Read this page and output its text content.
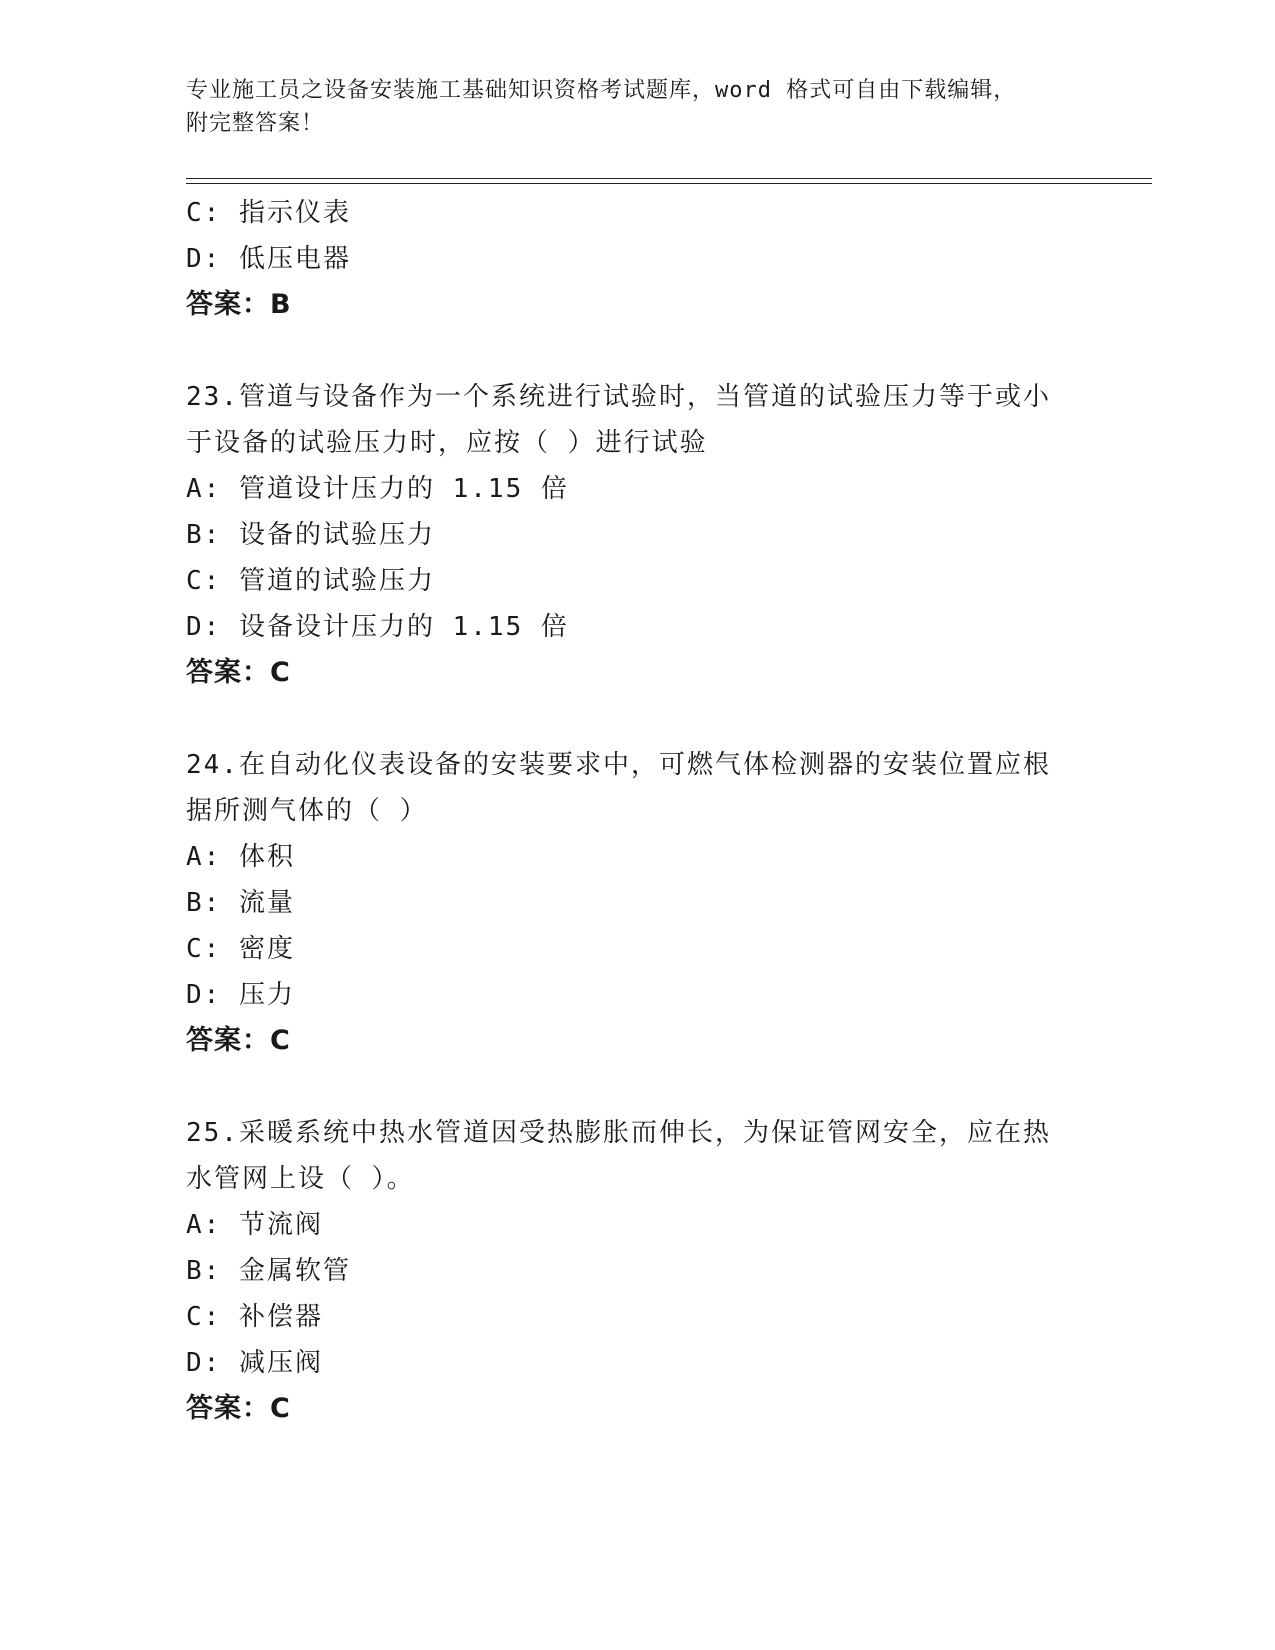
专业施工员之设备安装施工基础知识资格考试题库，word 格式可自由下载编辑，
附完整答案！
C: 指示仪表
D: 低压电器
答案：B
23.管道与设备作为一个系统进行试验时，当管道的试验压力等于或小
于设备的试验压力时，应按（ ）进行试验
A: 管道设计压力的 1.15 倍
B: 设备的试验压力
C: 管道的试验压力
D: 设备设计压力的 1.15 倍
答案：C
24.在自动化仪表设备的安装要求中，可燃气体检测器的安装位置应根
据所测气体的（ ）
A: 体积
B: 流量
C: 密度
D: 压力
答案：C
25.采暖系统中热水管道因受热膨胀而伸长，为保证管网安全，应在热
水管网上设（ ）。
A: 节流阀
B: 金属软管
C: 补偿器
D: 减压阀
答案：C
